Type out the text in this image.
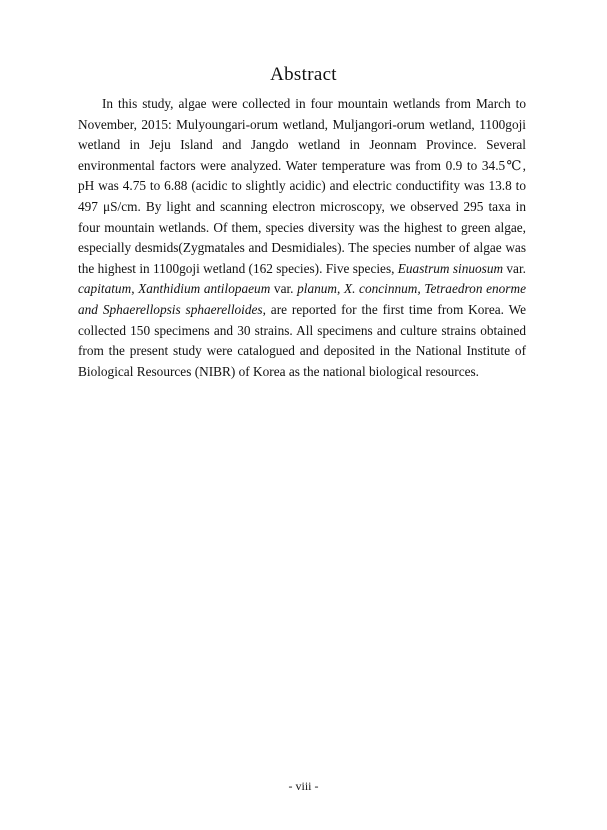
Abstract

In this study, algae were collected in four mountain wetlands from March to November, 2015: Mulyoungari-orum wetland, Muljangori-orum wetland, 1100goji wetland in Jeju Island and Jangdo wetland in Jeonnam Province. Several environmental factors were analyzed. Water temperature was from 0.9 to 34.5℃, pH was 4.75 to 6.88 (acidic to slightly acidic) and electric conductifity was 13.8 to 497 μS/cm. By light and scanning electron microscopy, we observed 295 taxa in four mountain wetlands. Of them, species diversity was the highest to green algae, especially desmids(Zygmatales and Desmidiales). The species number of algae was the highest in 1100goji wetland (162 species). Five species, Euastrum sinuosum var. capitatum, Xanthidium antilopaeum var. planum, X. concinnum, Tetraedron enorme and Sphaerellopsis sphaerelloides, are reported for the first time from Korea. We collected 150 specimens and 30 strains. All specimens and culture strains obtained from the present study were catalogued and deposited in the National Institute of Biological Resources (NIBR) of Korea as the national biological resources.

- viii -
